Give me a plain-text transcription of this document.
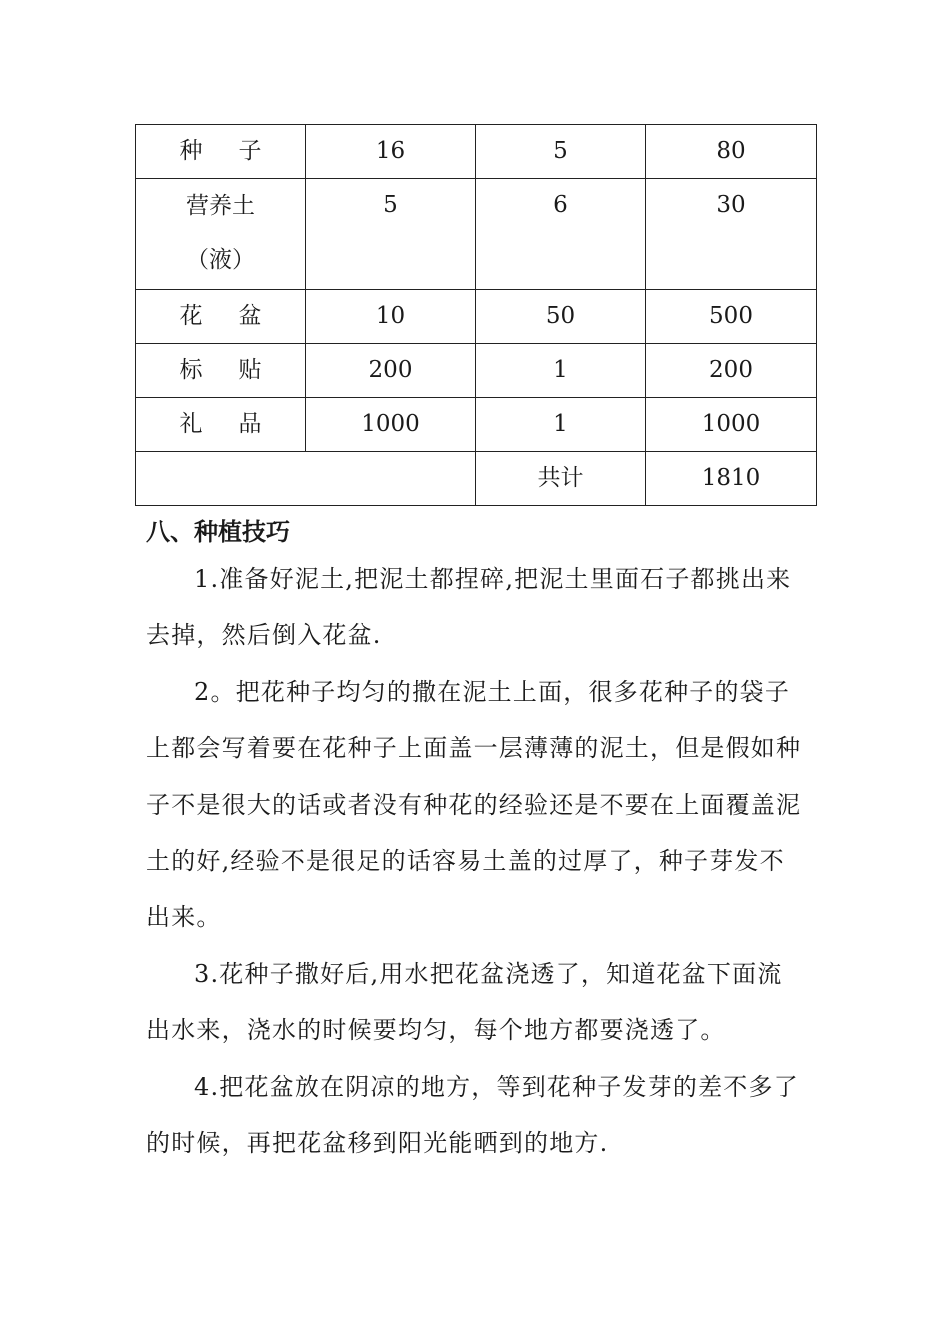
种 子	16	5	80

营养土
（液）	5	6	30
花 盆	10	50	500
标 贴	200	1	200
礼 品	1000	1	1000
		共计	1810
八、种植技巧

1.准备好泥土,把泥土都捏碎,把泥土里面石子都挑出来去掉，然后倒入花盆.

2。把花种子均匀的撒在泥土上面，很多花种子的袋子上都会写着要在花种子上面盖一层薄薄的泥土，但是假如种子不是很大的话或者没有种花的经验还是不要在上面覆盖泥土的好,经验不是很足的话容易土盖的过厚了，种子芽发不出来。

3.花种子撒好后,用水把花盆浇透了，知道花盆下面流出水来，浇水的时候要均匀，每个地方都要浇透了。

4.把花盆放在阴凉的地方，等到花种子发芽的差不多了的时候，再把花盆移到阳光能晒到的地方.
